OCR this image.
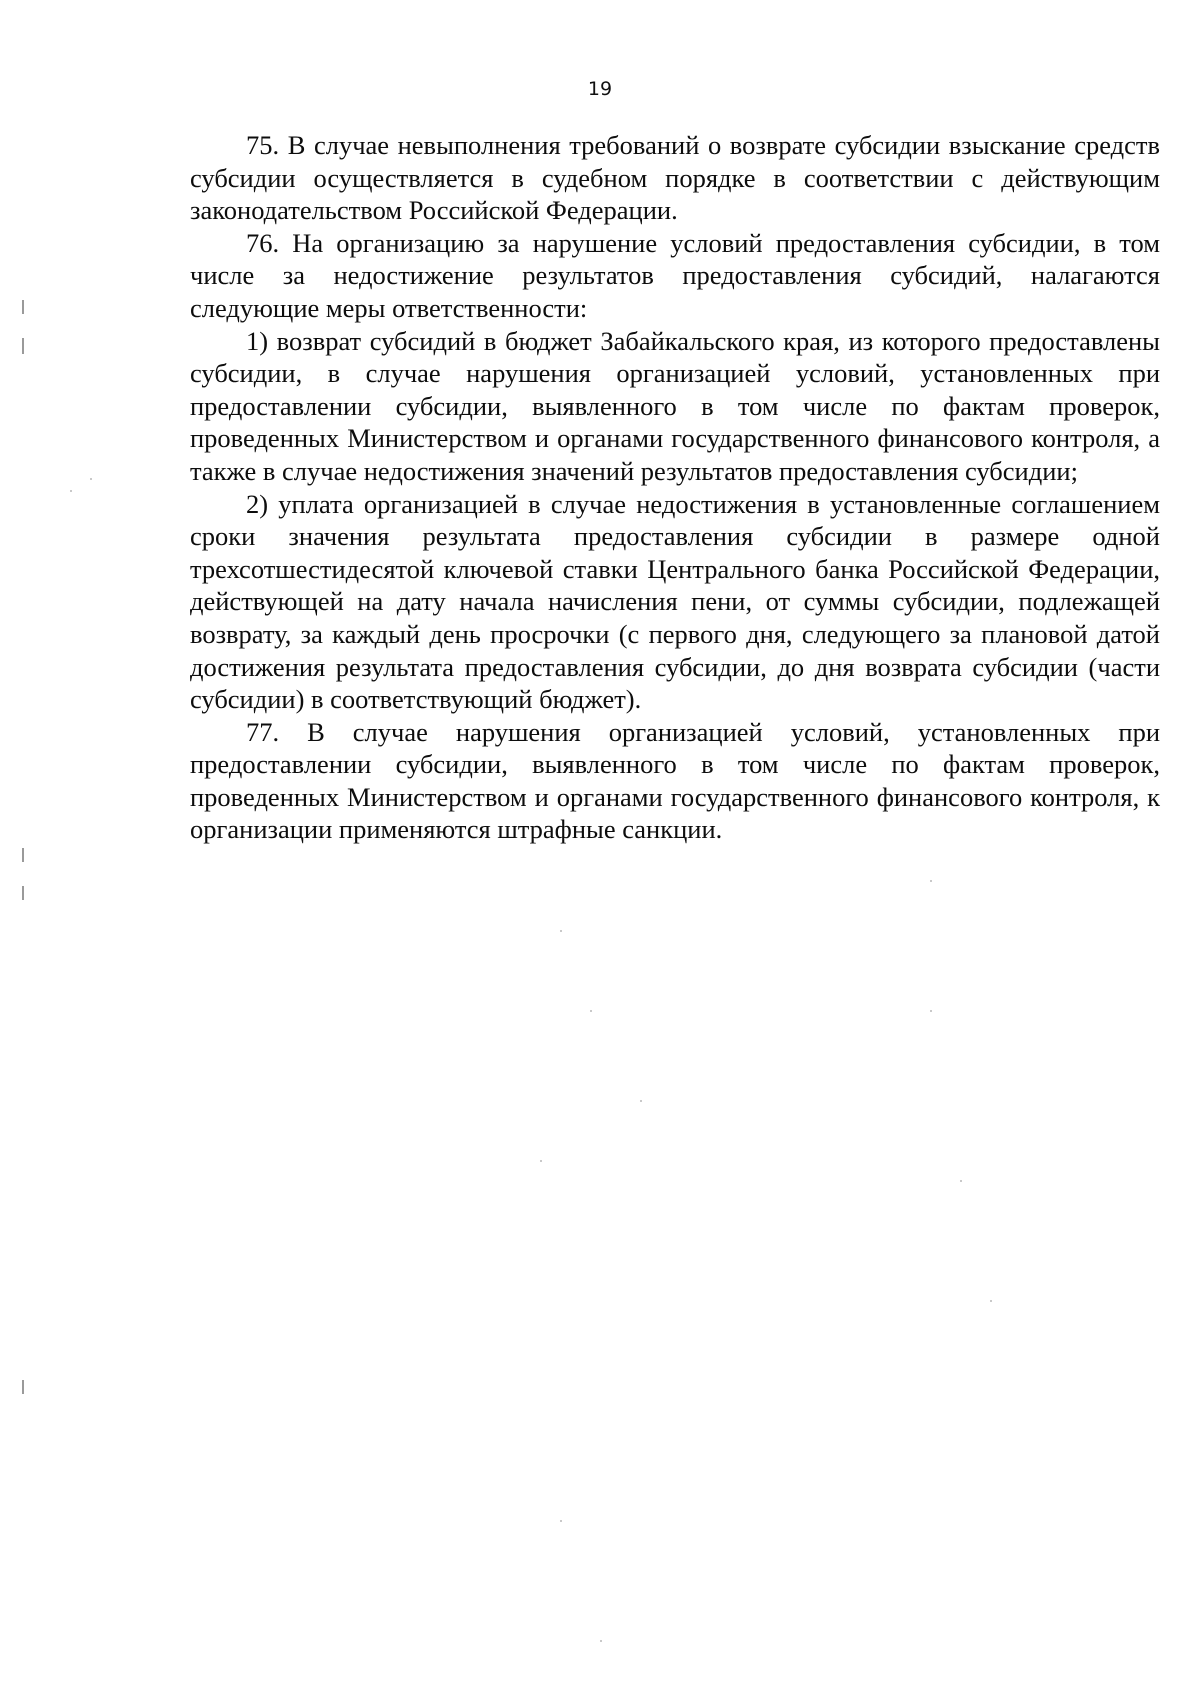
19

75. В случае невыполнения требований о возврате субсидии взыскание средств субсидии осуществляется в судебном порядке в соответствии с действующим законодательством Российской Федерации.

76. На организацию за нарушение условий предоставления субсидии, в том числе за недостижение результатов предоставления субсидий, налагаются следующие меры ответственности:

1) возврат субсидий в бюджет Забайкальского края, из которого предоставлены субсидии, в случае нарушения организацией условий, установленных при предоставлении субсидии, выявленного в том числе по фактам проверок, проведенных Министерством и органами государственного финансового контроля, а также в случае недостижения значений результатов предоставления субсидии;

2) уплата организацией в случае недостижения в установленные соглашением сроки значения результата предоставления субсидии в размере одной трехсотшестидесятой ключевой ставки Центрального банка Российской Федерации, действующей на дату начала начисления пени, от суммы субсидии, подлежащей возврату, за каждый день просрочки (с первого дня, следующего за плановой датой достижения результата предоставления субсидии, до дня возврата субсидии (части субсидии) в соответствующий бюджет).

77. В случае нарушения организацией условий, установленных при предоставлении субсидии, выявленного в том числе по фактам проверок, проведенных Министерством и органами государственного финансового контроля, к организации применяются штрафные санкции.
